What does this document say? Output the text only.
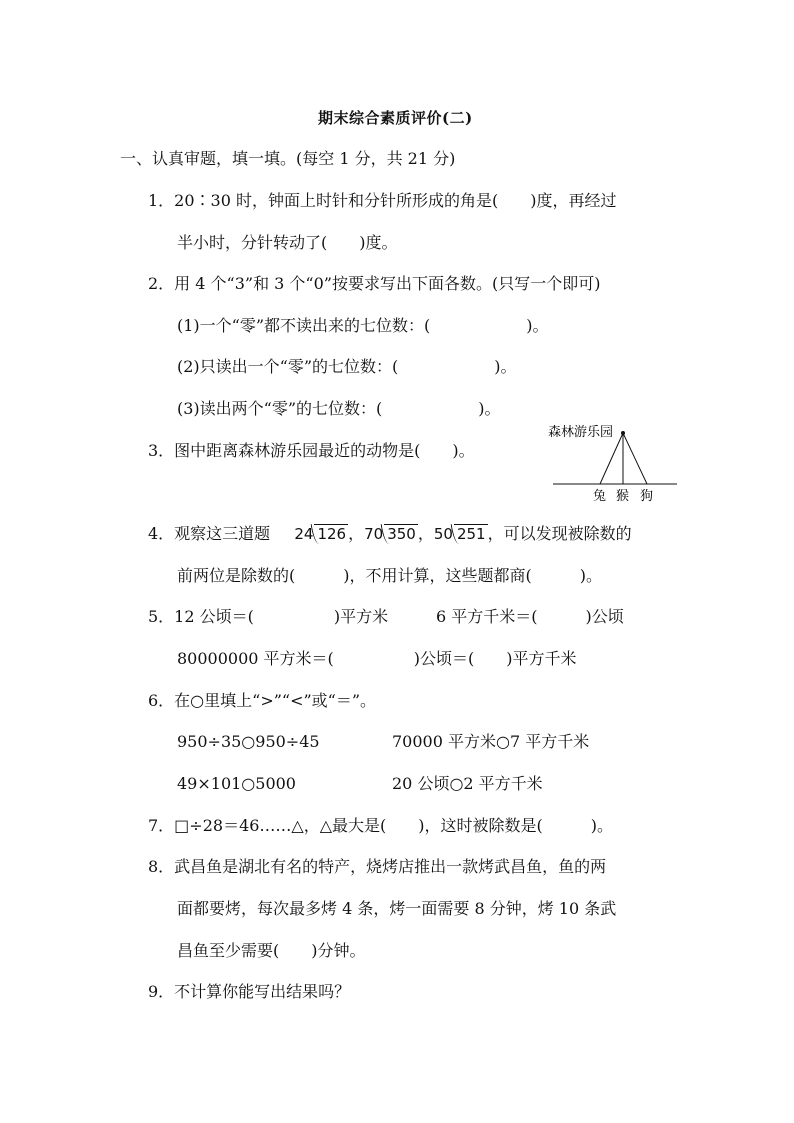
期末综合素质评价(二)
一、认真审题，填一填。(每空 1 分，共 21 分)
1．20∶30 时，钟面上时针和分针所形成的角是(　　)度，再经过
半小时，分针转动了(　　)度。
2．用 4 个“3”和 3 个“0”按要求写出下面各数。(只写一个即可)
(1)一个“零”都不读出来的七位数：(　　　　　　)。
(2)只读出一个“零”的七位数：(　　　　　　)。
(3)读出两个“零”的七位数：(　　　　　　)。
3．图中距离森林游乐园最近的动物是(　　)。
森林游乐园
兔 猴 狗
4．观察这三道题 24 126 ，70 350 ，50 251 ，可以发现被除数的
前两位是除数的(　　　)，不用计算，这些题都商(　　　)。
5．12 公顷＝(　　　　　)平方米	6 平方千米＝(　　　)公顷
80000000 平方米＝(　　　　　)公顷＝(　　)平方千米
6．在○里填上“>”“<”或“＝”。
950÷35○950÷45	70000 平方米○7 平方千米
49×101○5000	20 公顷○2 平方千米
7．□÷28＝46……△，△最大是(　　)，这时被除数是(　　　)。
8．武昌鱼是湖北有名的特产，烧烤店推出一款烤武昌鱼，鱼的两
面都要烤，每次最多烤 4 条，烤一面需要 8 分钟，烤 10 条武
昌鱼至少需要(　　)分钟。
9．不计算你能写出结果吗？
